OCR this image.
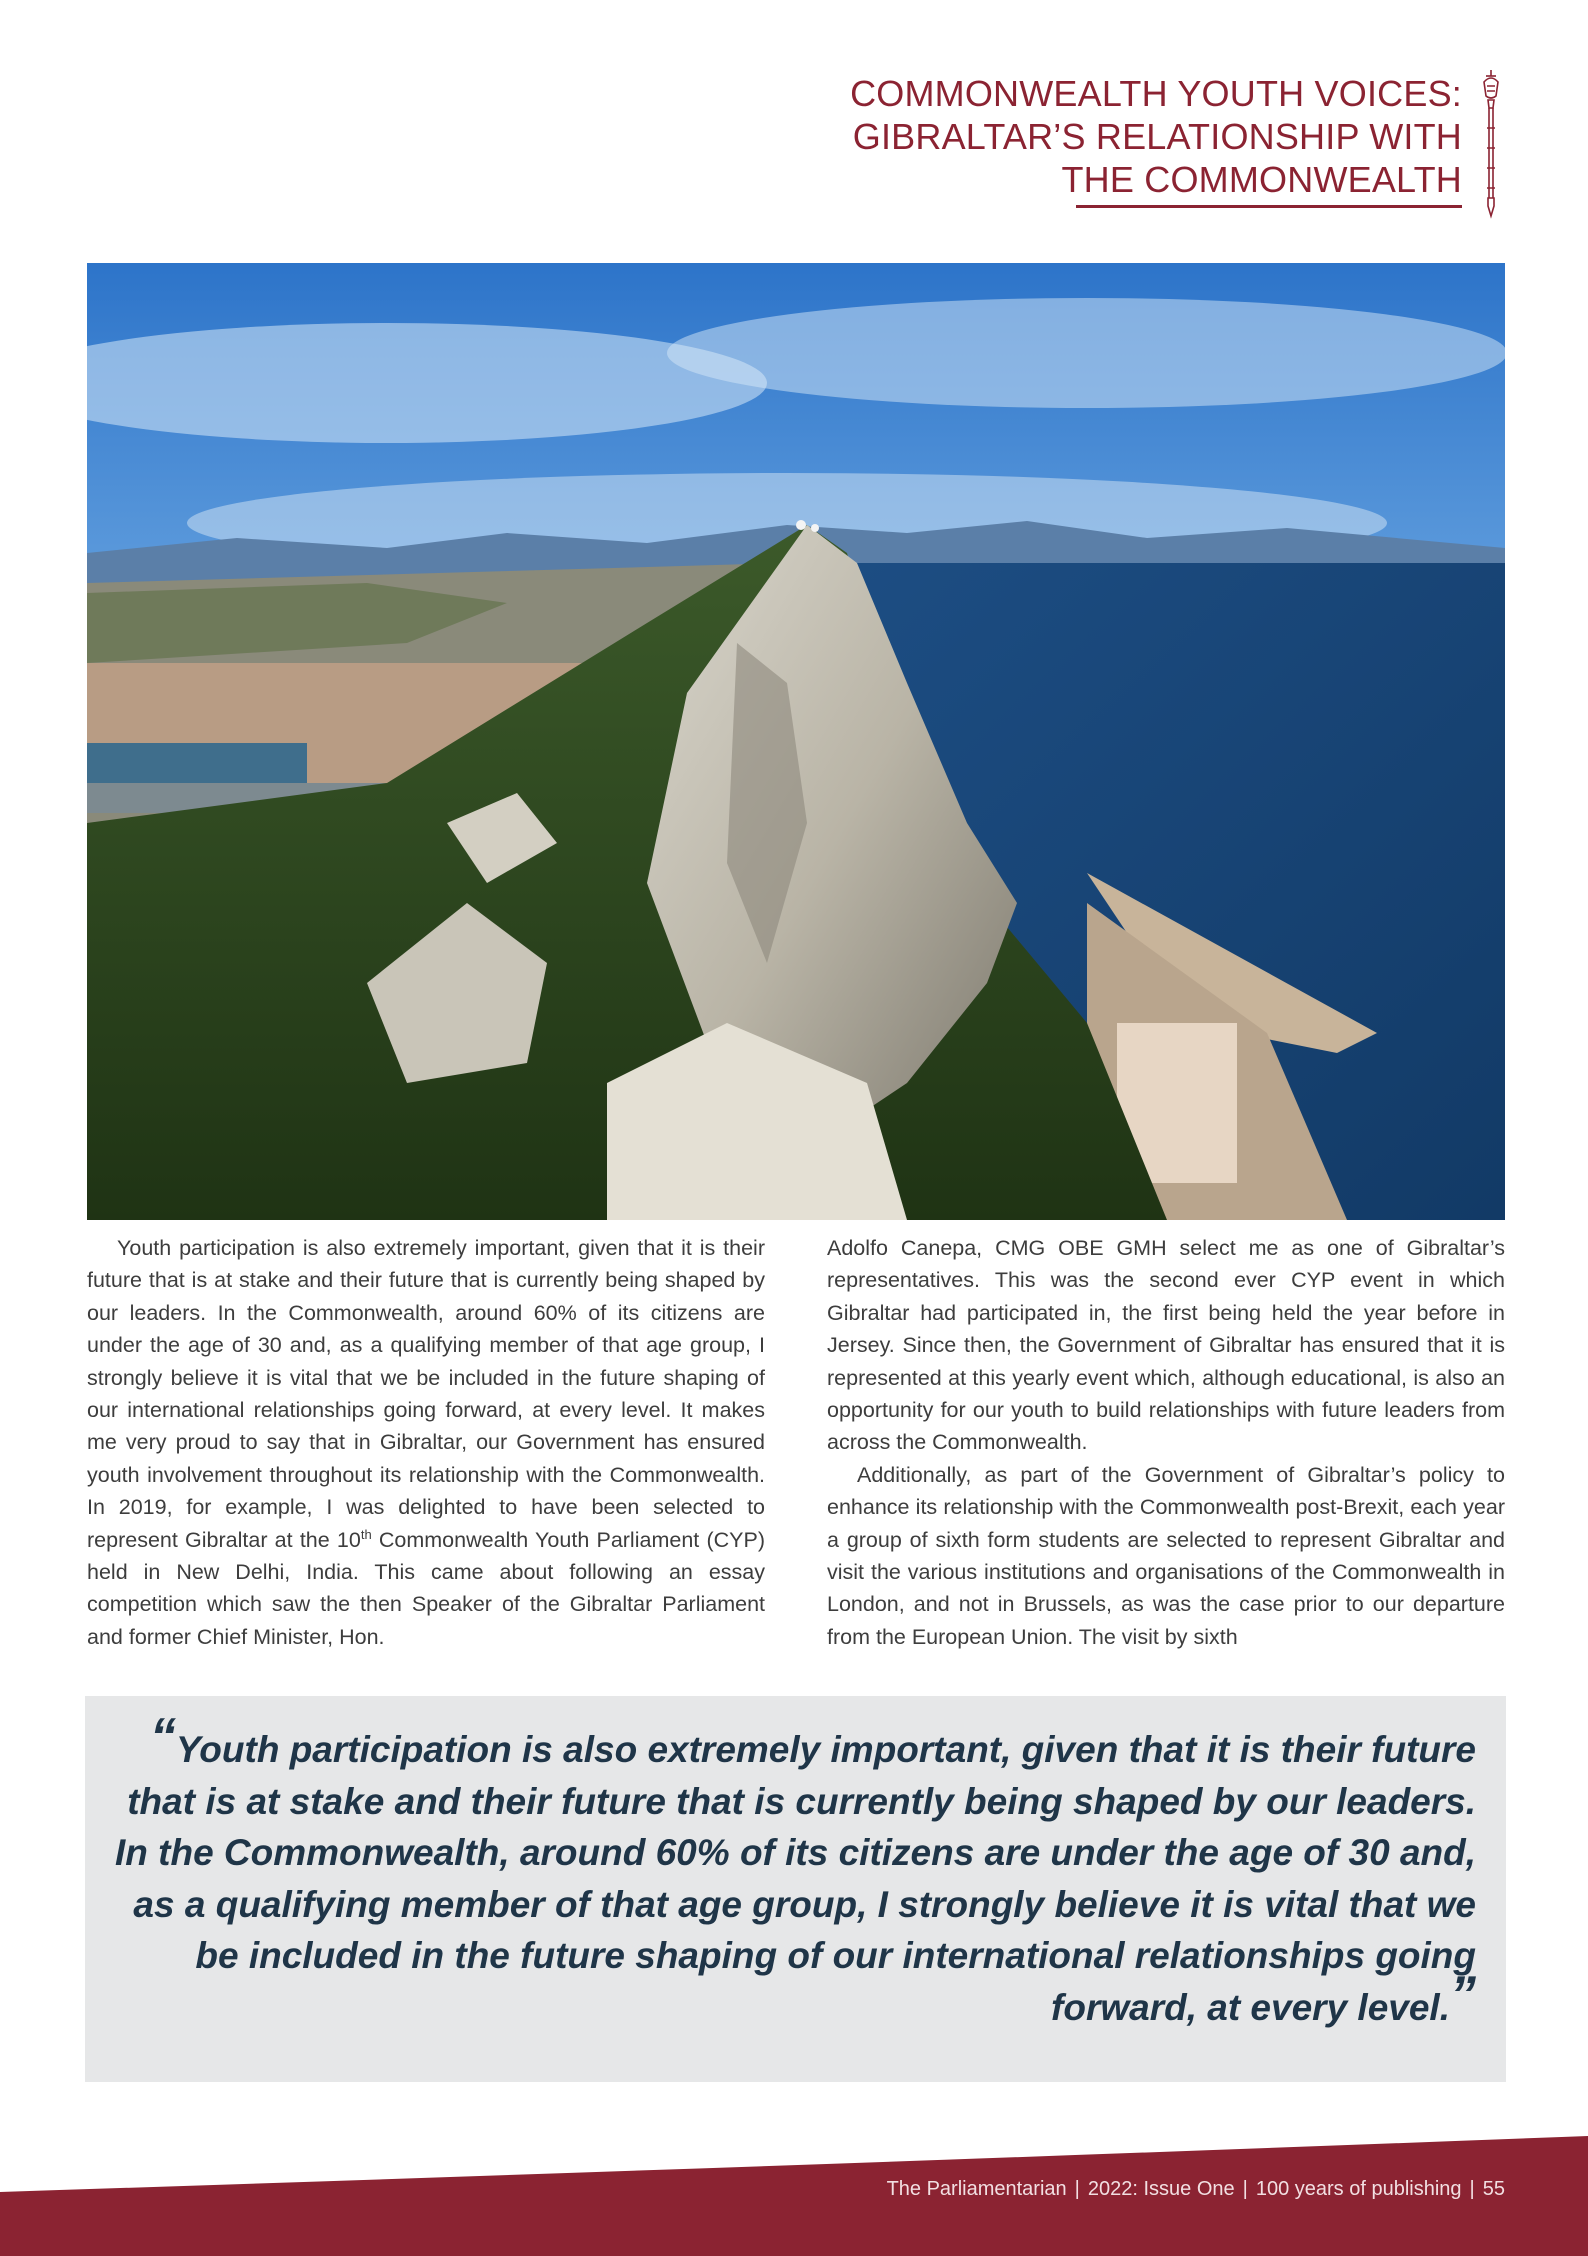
COMMONWEALTH YOUTH VOICES:
GIBRALTAR’S RELATIONSHIP WITH
THE COMMONWEALTH

Youth participation is also extremely important, given that it is their future that is at stake and their future that is currently being shaped by our leaders. In the Commonwealth, around 60% of its citizens are under the age of 30 and, as a qualifying member of that age group, I strongly believe it is vital that we be included in the future shaping of our international relationships going forward, at every level. It makes me very proud to say that in Gibraltar, our Government has ensured youth involvement throughout its relationship with the Commonwealth. In 2019, for example, I was delighted to have been selected to represent Gibraltar at the 10th Commonwealth Youth Parliament (CYP) held in New Delhi, India. This came about following an essay competition which saw the then Speaker of the Gibraltar Parliament and former Chief Minister, Hon.

Adolfo Canepa, CMG OBE GMH select me as one of Gibraltar’s representatives. This was the second ever CYP event in which Gibraltar had participated in, the first being held the year before in Jersey. Since then, the Government of Gibraltar has ensured that it is represented at this yearly event which, although educational, is also an opportunity for our youth to build relationships with future leaders from across the Commonwealth.

Additionally, as part of the Government of Gibraltar’s policy to enhance its relationship with the Commonwealth post-Brexit, each year a group of sixth form students are selected to represent Gibraltar and visit the various institutions and organisations of the Commonwealth in London, and not in Brussels, as was the case prior to our departure from the European Union. The visit by sixth

“Youth participation is also extremely important, given that it is their future that is at stake and their future that is currently being shaped by our leaders. In the Commonwealth, around 60% of its citizens are under the age of 30 and, as a qualifying member of that age group, I strongly believe it is vital that we be included in the future shaping of our international relationships going forward, at every level.”
The Parliamentarian | 2022: Issue One | 100 years of publishing | 55
